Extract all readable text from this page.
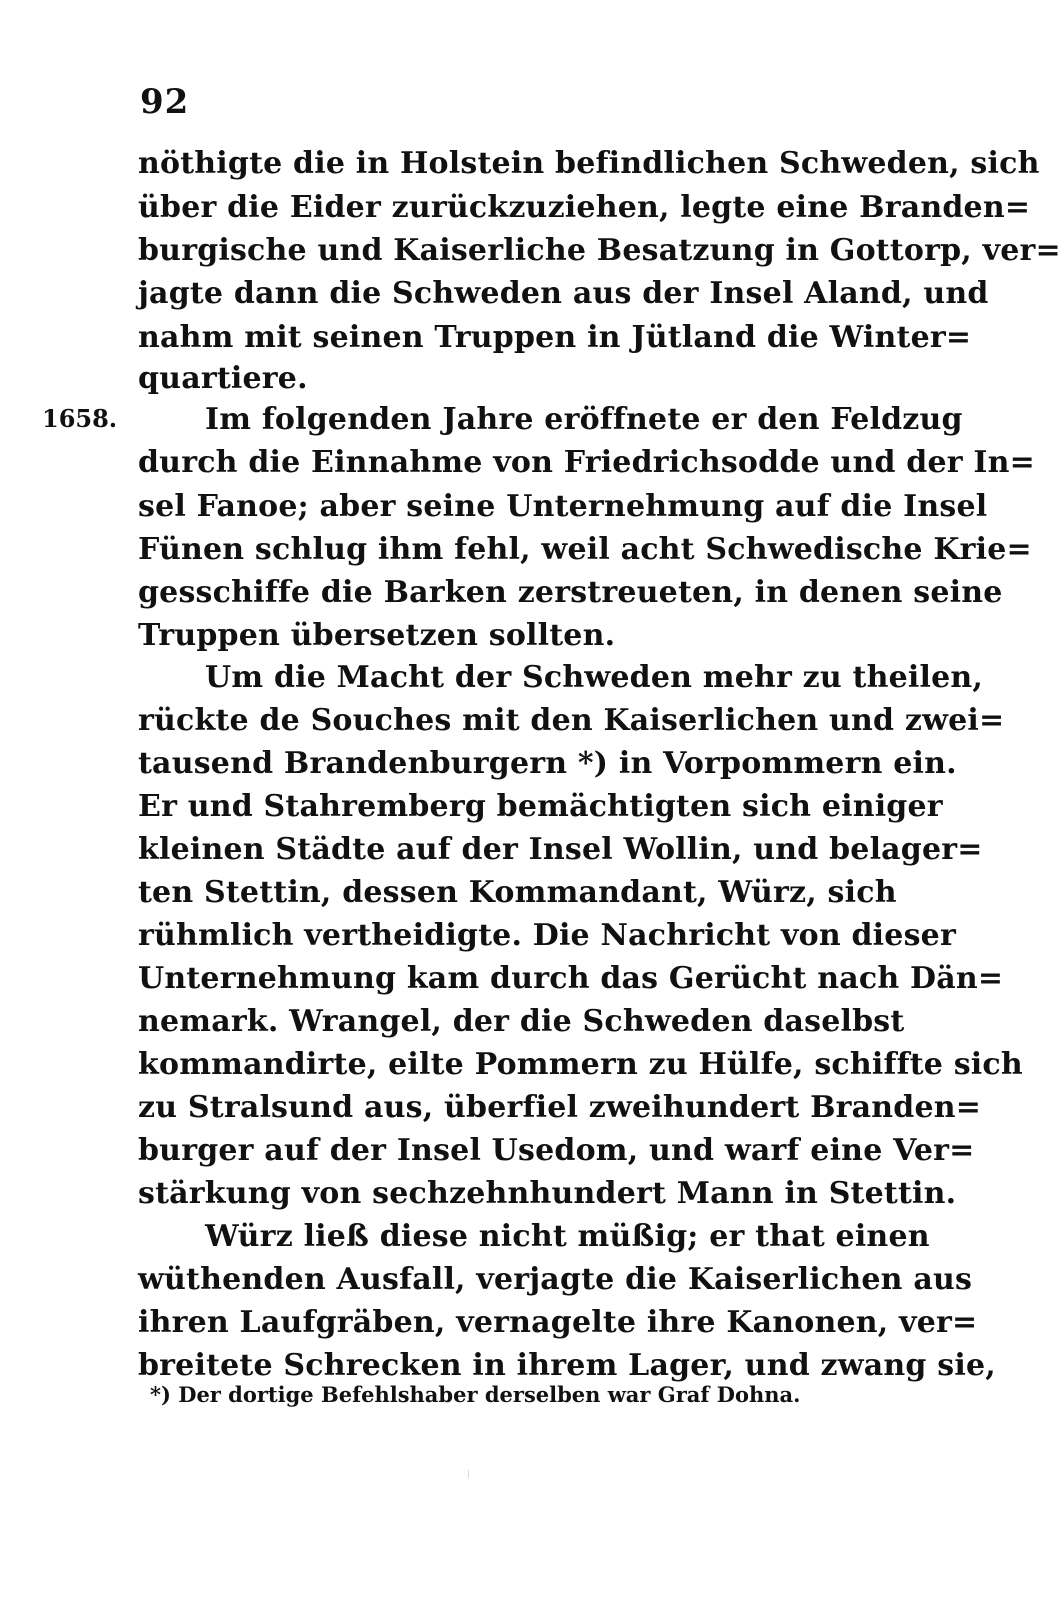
92
1658.
nöthigte die in Holstein befindlichen Schweden, sich
über die Eider zurückzuziehen, legte eine Branden=
burgische und Kaiserliche Besatzung in Gottorp, ver=
jagte dann die Schweden aus der Insel Aland, und
nahm mit seinen Truppen in Jütland die Winter=
quartiere.
Im folgenden Jahre eröffnete er den Feldzug
durch die Einnahme von Friedrichsodde und der In=
sel Fanoe; aber seine Unternehmung auf die Insel
Fünen schlug ihm fehl, weil acht Schwedische Krie=
gesschiffe die Barken zerstreueten, in denen seine
Truppen übersetzen sollten.
Um die Macht der Schweden mehr zu theilen,
rückte de Souches mit den Kaiserlichen und zwei=
tausend Brandenburgern *) in Vorpommern ein.
Er und Stahremberg bemächtigten sich einiger
kleinen Städte auf der Insel Wollin, und belager=
ten Stettin, dessen Kommandant, Würz, sich
rühmlich vertheidigte. Die Nachricht von dieser
Unternehmung kam durch das Gerücht nach Dän=
nemark. Wrangel, der die Schweden daselbst
kommandirte, eilte Pommern zu Hülfe, schiffte sich
zu Stralsund aus, überfiel zweihundert Branden=
burger auf der Insel Usedom, und warf eine Ver=
stärkung von sechzehnhundert Mann in Stettin.
Würz ließ diese nicht müßig; er that einen
wüthenden Ausfall, verjagte die Kaiserlichen aus
ihren Laufgräben, vernagelte ihre Kanonen, ver=
breitete Schrecken in ihrem Lager, und zwang sie,
*) Der dortige Befehlshaber derselben war Graf Dohna.
